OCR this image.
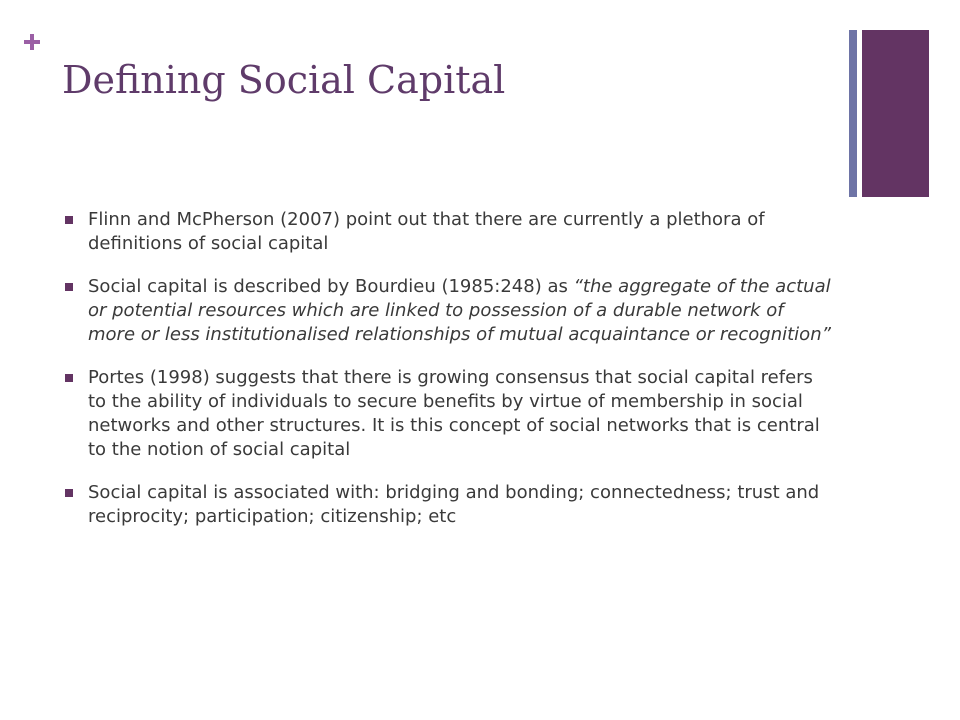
Defining Social Capital
Flinn and McPherson (2007) point out that there are currently a plethora of definitions of social capital
Social capital is described by Bourdieu (1985:248) as “the aggregate of the actual or potential resources which are linked to possession of a durable network of more or less institutionalised relationships of mutual acquaintance or recognition”
Portes (1998) suggests that there is growing consensus that social capital refers to the ability of individuals to secure benefits by virtue of membership in social networks and other structures. It is this concept of social networks that is central to the notion of social capital
Social capital is associated with: bridging and bonding; connectedness; trust and reciprocity; participation; citizenship; etc
